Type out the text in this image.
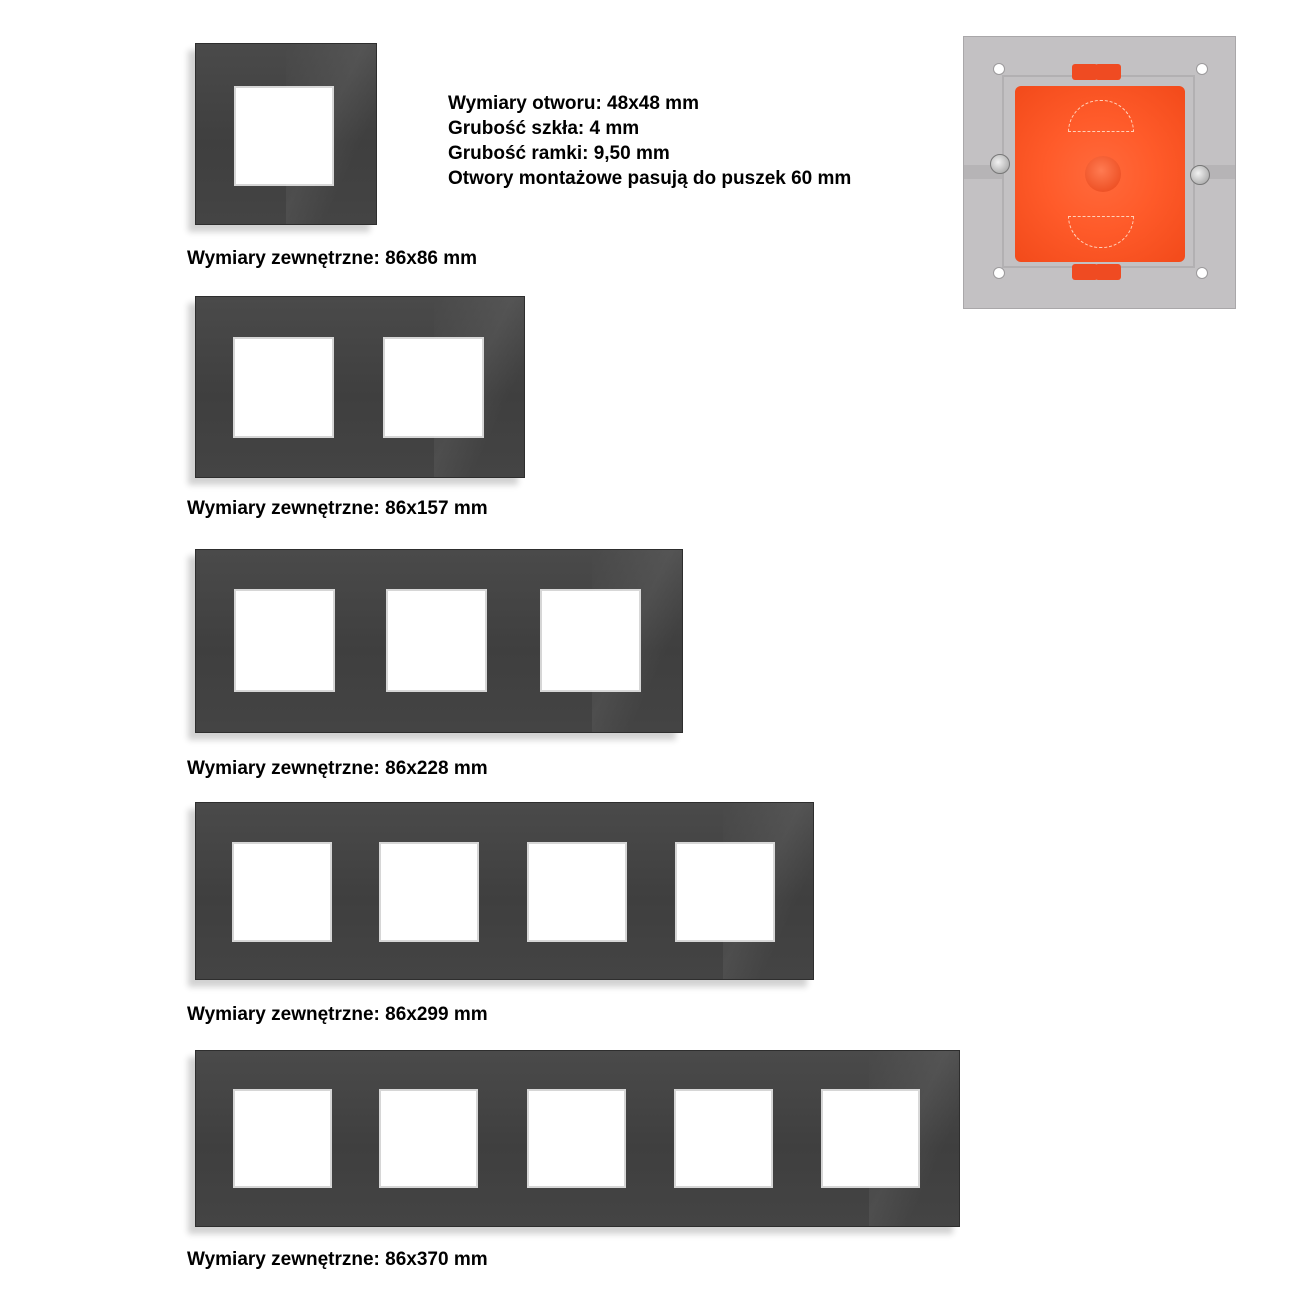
Wymiary otworu: 48x48 mm
Grubość szkła: 4 mm
Grubość ramki: 9,50 mm
Otwory montażowe pasują do puszek 60 mm
Wymiary zewnętrzne: 86x86 mm
Wymiary zewnętrzne: 86x157 mm
Wymiary zewnętrzne: 86x228 mm
Wymiary zewnętrzne: 86x299 mm
Wymiary zewnętrzne: 86x370 mm
